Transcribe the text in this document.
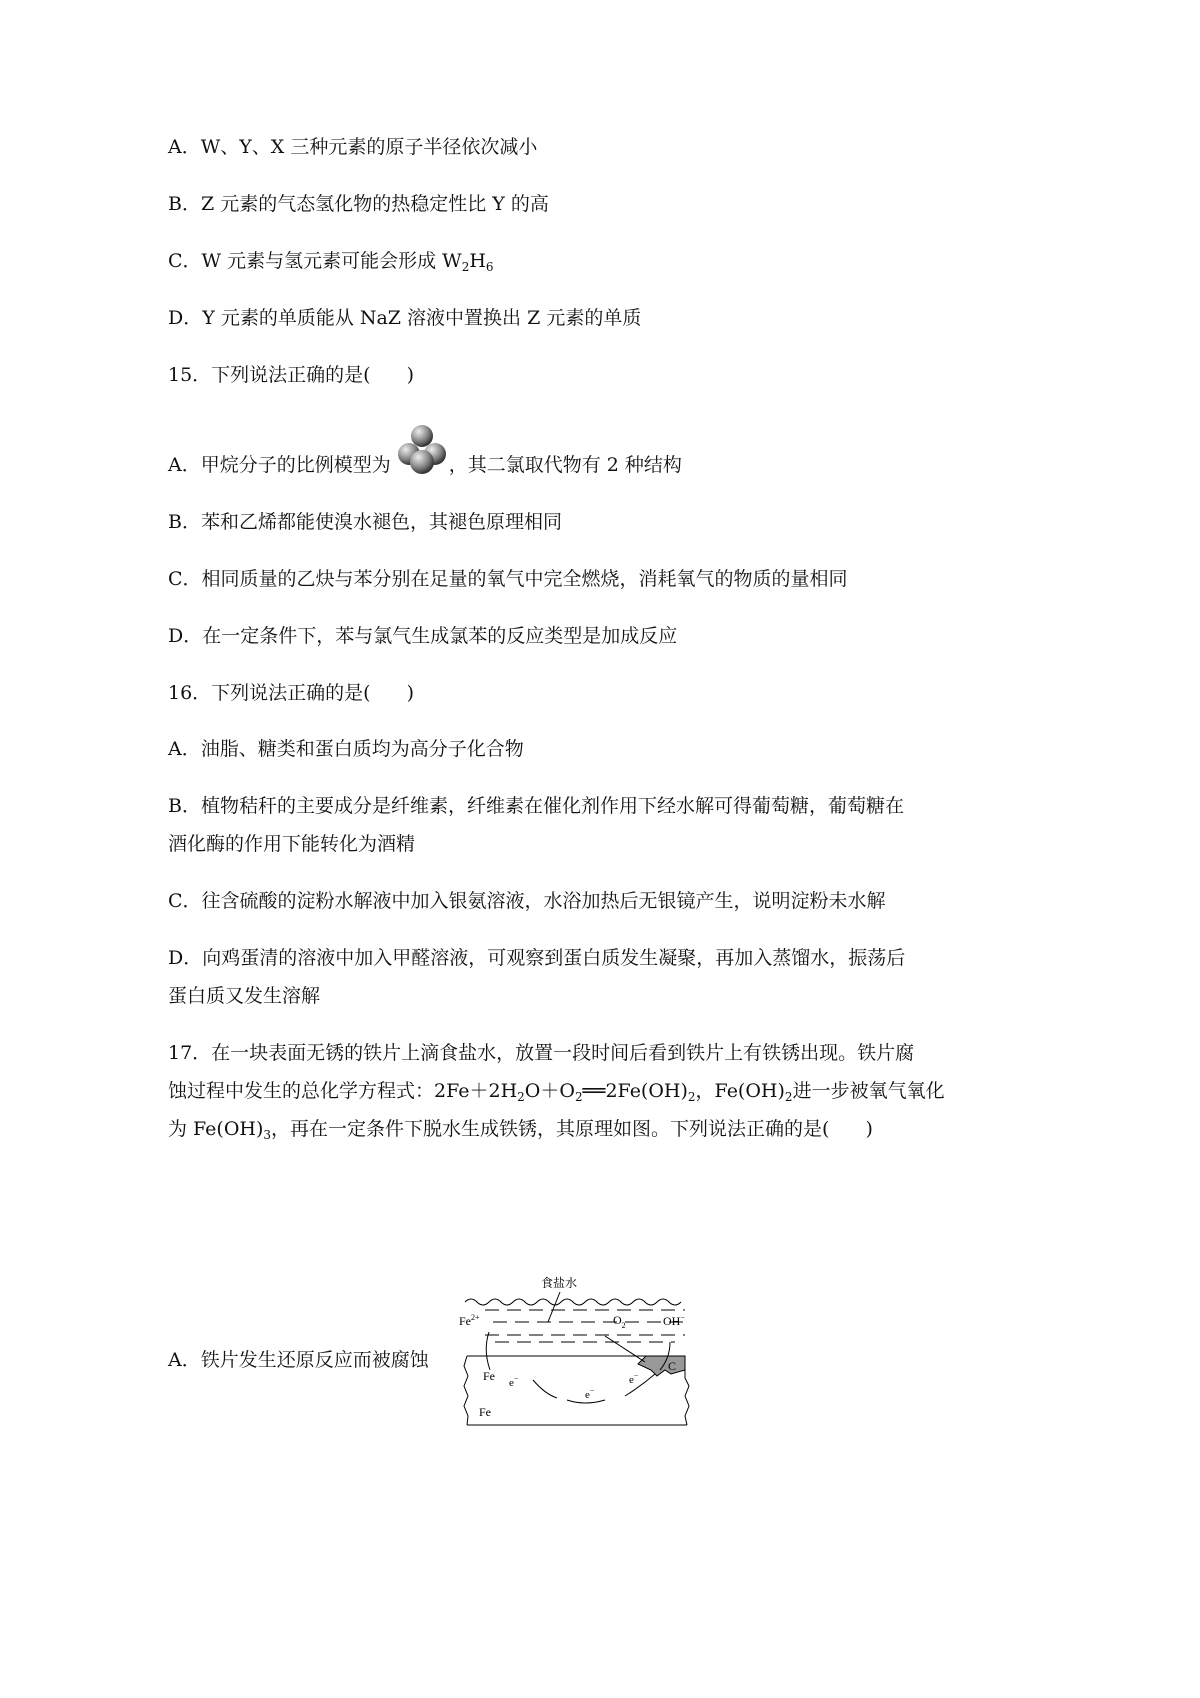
A．W、Y、X 三种元素的原子半径依次减小
B．Z 元素的气态氢化物的热稳定性比 Y 的高
C．W 元素与氢元素可能会形成 $W_2H_6$
D．Y 元素的单质能从 NaZ 溶液中置换出 Z 元素的单质
15．下列说法正确的是( )
A．甲烷分子的比例模型为	，其二氯取代物有 2 种结构
B．苯和乙烯都能使溴水褪色，其褪色原理相同
C．相同质量的乙炔与苯分别在足量的氧气中完全燃烧，消耗氧气的物质的量相同
D．在一定条件下，苯与氯气生成氯苯的反应类型是加成反应
16．下列说法正确的是( )
A．油脂、糖类和蛋白质均为高分子化合物
B．植物秸秆的主要成分是纤维素，纤维素在催化剂作用下经水解可得葡萄糖，葡萄糖在
酒化酶的作用下能转化为酒精
C．往含硫酸的淀粉水解液中加入银氨溶液，水浴加热后无银镜产生，说明淀粉未水解
D．向鸡蛋清的溶液中加入甲醛溶液，可观察到蛋白质发生凝聚，再加入蒸馏水，振荡后
蛋白质又发生溶解
17．在一块表面无锈的铁片上滴食盐水，放置一段时间后看到铁片上有铁锈出现。铁片腐
蚀过程中发生的总化学方程式：$2Fe+2H_2O+O_2══2Fe(OH)_2$，$Fe(OH)_2$进一步被氧气氧化
为 $Fe(OH)_3$，再在一定条件下脱水生成铁锈，其原理如图。下列说法正确的是( )
食盐水
$Fe^{2+}$	$O_2$	OH−
C
Fe
Fe
e−
e−
e−
A．铁片发生还原反应而被腐蚀
